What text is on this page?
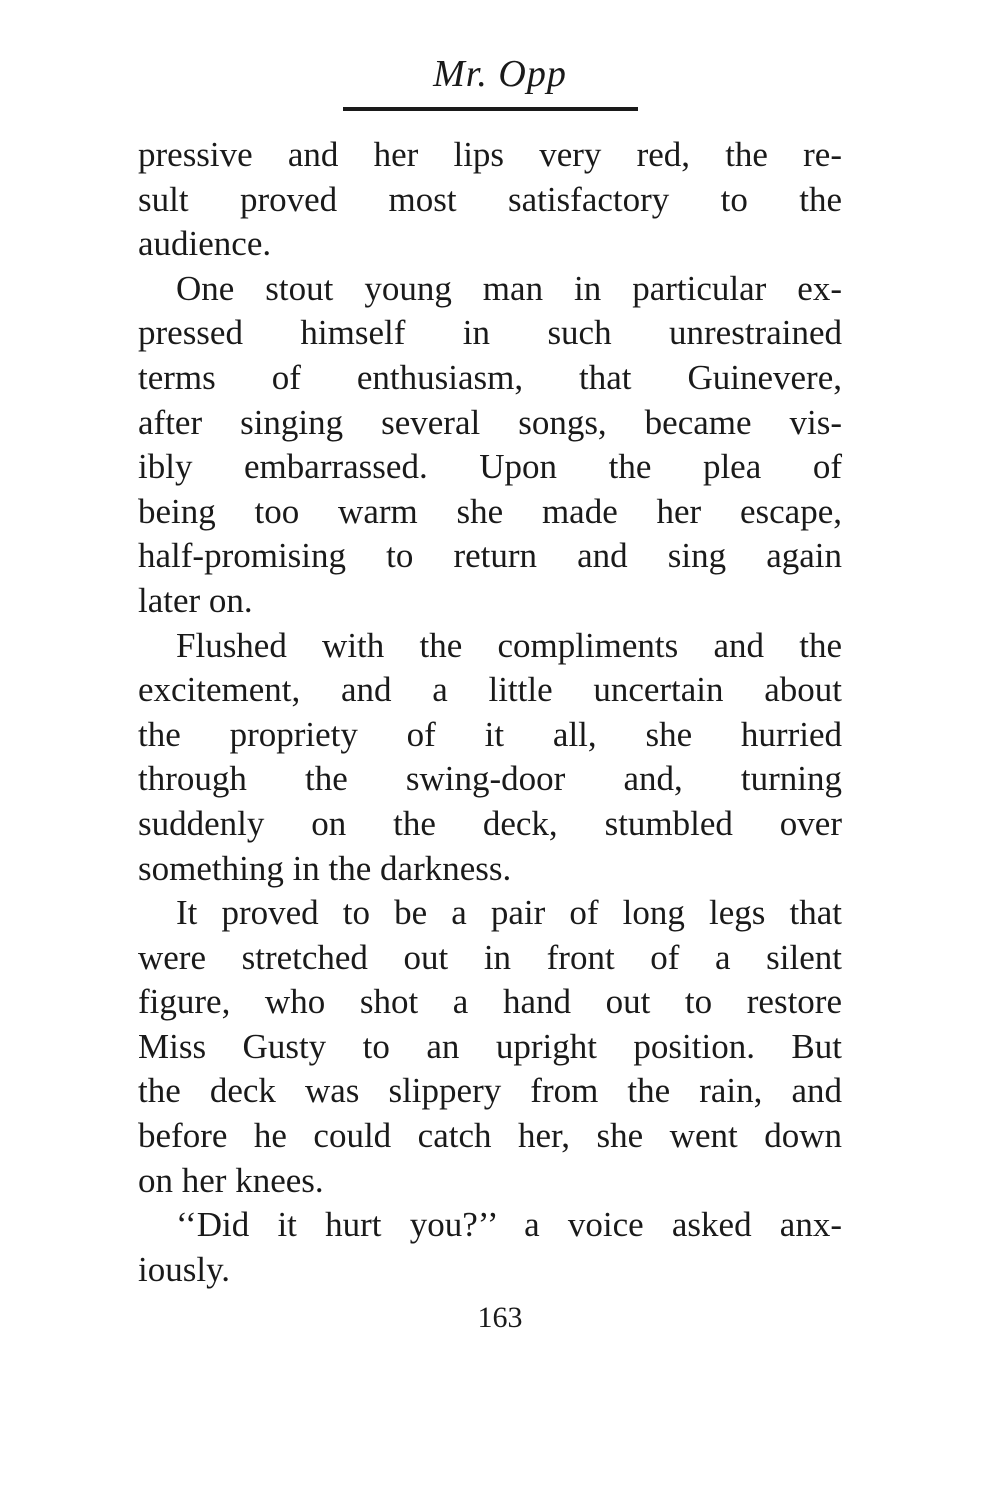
Mr. Opp
pressive and her lips very red, the re-
sult proved most satisfactory to the
audience.
One stout young man in particular ex-
pressed himself in such unrestrained
terms of enthusiasm, that Guinevere,
after singing several songs, became vis-
ibly embarrassed. Upon the plea of
being too warm she made her escape,
half-promising to return and sing again
later on.
Flushed with the compliments and the
excitement, and a little uncertain about
the propriety of it all, she hurried
through the swing-door and, turning
suddenly on the deck, stumbled over
something in the darkness.
It proved to be a pair of long legs that
were stretched out in front of a silent
figure, who shot a hand out to restore
Miss Gusty to an upright position. But
the deck was slippery from the rain, and
before he could catch her, she went down
on her knees.
‘‘Did it hurt you?’’ a voice asked anx-
iously.
163
